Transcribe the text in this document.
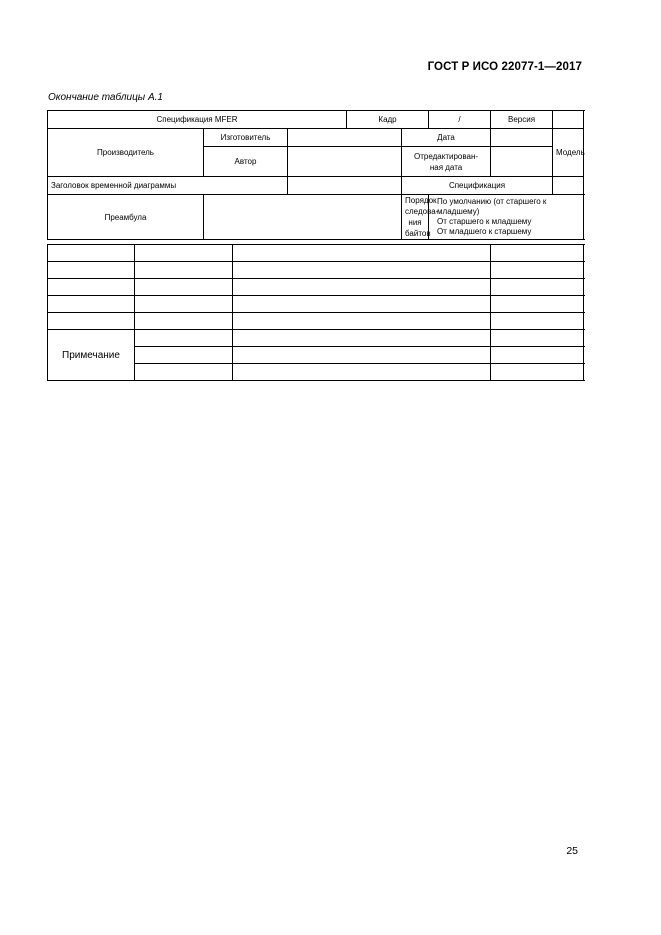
ГОСТ Р ИСО 22077-1—2017
Окончание таблицы А.1
Спецификация MFER					Кадр		/	Версия		
Производитель		Изготовитель				Дата			Модель	
		Автор				Отредактирован-
ная дата				
Заголовок временной диаграммы						Спецификация				
Преамбула						Порядок
следова-
ния байтов	По умолчанию (от старшего к младшему)
От старшего к младшему
От младшего к старшему			

Примечание										

25
